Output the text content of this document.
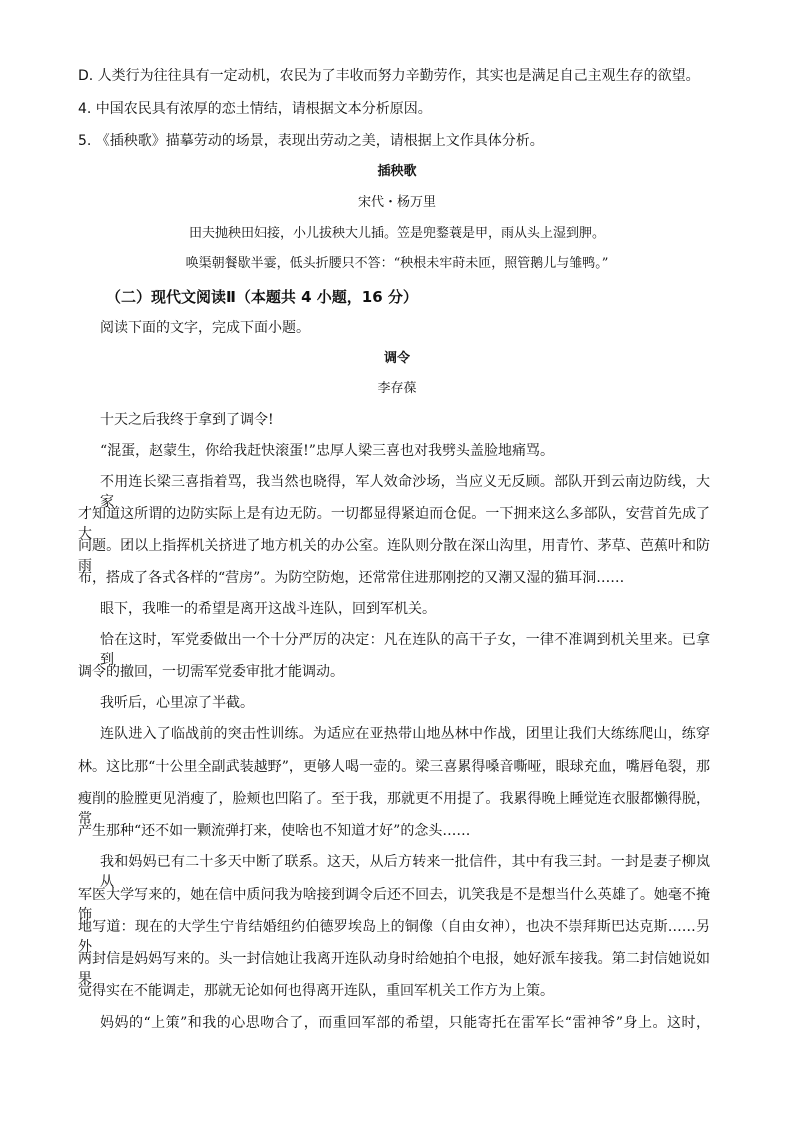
D. 人类行为往往具有一定动机，农民为了丰收而努力辛勤劳作，其实也是满足自己主观生存的欲望。
4. 中国农民具有浓厚的恋土情结，请根据文本分析原因。
5. 《插秧歌》描摹劳动的场景，表现出劳动之美，请根据上文作具体分析。
插秧歌
宋代・杨万里
田夫抛秧田妇接，小儿拔秧大儿插。笠是兜鍪蓑是甲，雨从头上湿到胛。
唤渠朝餐歇半霎，低头折腰只不答：“秧根未牢莳未匝，照管鹅儿与雏鸭。”
（二）现代文阅读Ⅱ（本题共 4 小题，16 分）
阅读下面的文字，完成下面小题。
调令
李存葆
十天之后我终于拿到了调令!
“混蛋，赵蒙生，你给我赶快滚蛋!”忠厚人梁三喜也对我劈头盖脸地痛骂。
不用连长梁三喜指着骂，我当然也晓得，军人效命沙场，当应义无反顾。部队开到云南边防线，大家
才知道这所谓的边防实际上是有边无防。一切都显得紧迫而仓促。一下拥来这么多部队，安营首先成了大
问题。团以上指挥机关挤进了地方机关的办公室。连队则分散在深山沟里，用青竹、茅草、芭蕉叶和防雨
布，搭成了各式各样的“营房”。为防空防炮，还常常住进那刚挖的又潮又湿的猫耳洞……
眼下，我唯一的希望是离开这战斗连队，回到军机关。
恰在这时，军党委做出一个十分严厉的决定：凡在连队的高干子女，一律不准调到机关里来。已拿到
调令的撤回，一切需军党委审批才能调动。
我听后，心里凉了半截。
连队进入了临战前的突击性训练。为适应在亚热带山地丛林中作战，团里让我们大练练爬山，练穿
林。这比那“十公里全副武装越野”，更够人喝一壶的。梁三喜累得嗓音嘶哑，眼球充血，嘴唇龟裂，那
瘦削的脸膛更见消瘦了，脸颊也凹陷了。至于我，那就更不用提了。我累得晚上睡觉连衣服都懒得脱，常
产生那种“还不如一颗流弹打来，使啥也不知道才好”的念头……
我和妈妈已有二十多天中断了联系。这天，从后方转来一批信件，其中有我三封。一封是妻子柳岚从
军医大学写来的，她在信中质问我为啥接到调令后还不回去，讥笑我是不是想当什么英雄了。她毫不掩饰
地写道：现在的大学生宁肯结婚纽约伯德罗埃岛上的铜像（自由女神），也决不崇拜斯巴达克斯……另外
两封信是妈妈写来的。头一封信她让我离开连队动身时给她拍个电报，她好派车接我。第二封信她说如果
觉得实在不能调走，那就无论如何也得离开连队，重回军机关工作方为上策。
妈妈的“上策”和我的心思吻合了，而重回军部的希望，只能寄托在雷军长“雷神爷”身上。这时，
